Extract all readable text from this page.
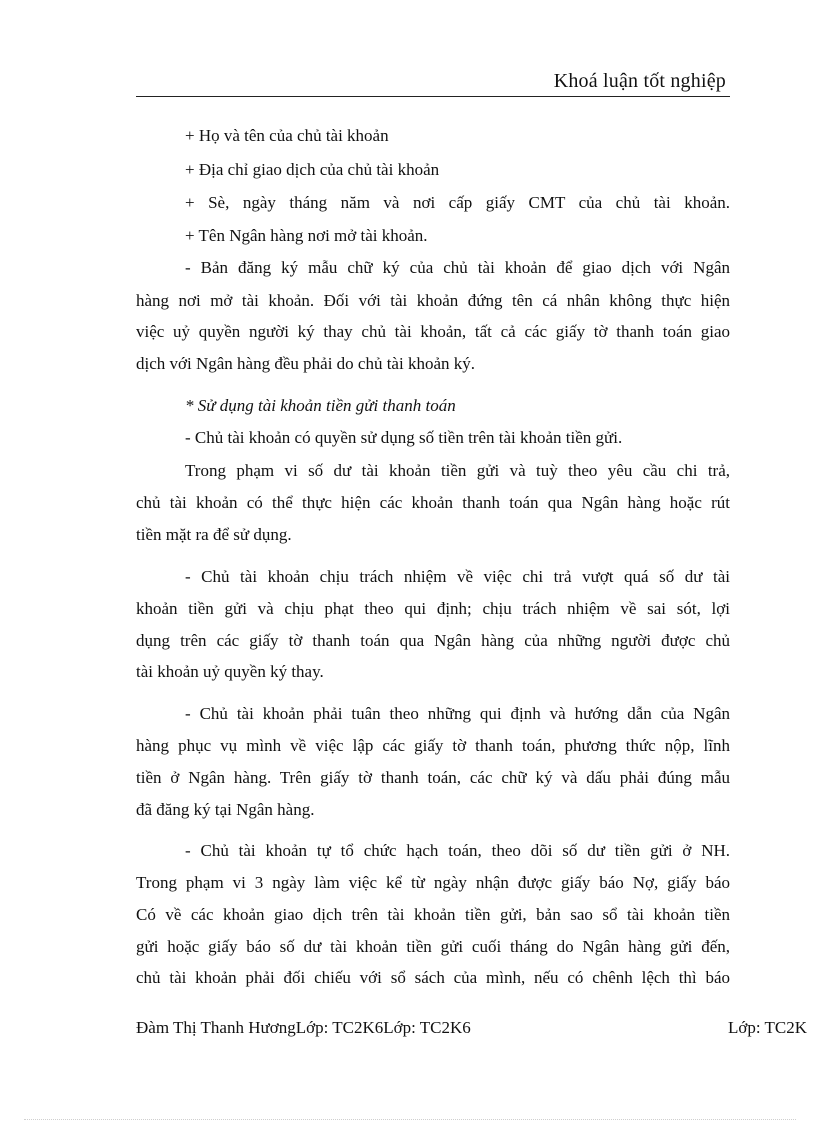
Khoá luận tốt nghiệp
+ Họ và tên của chủ tài khoản
+ Địa chỉ giao dịch của chủ tài khoản
+ Sè, ngày tháng năm và nơi cấp giấy CMT của chủ tài khoản.
+ Tên Ngân hàng nơi mở tài khoản.
- Bản đăng ký mẫu chữ ký của chủ tài khoản để giao dịch với Ngân
hàng nơi mở tài khoản. Đối với tài khoản đứng tên cá nhân không thực hiện
việc uỷ quyền người ký thay chủ tài khoản, tất cả các giấy tờ thanh toán giao
dịch với Ngân hàng đều phải do chủ tài khoản ký.
* Sử dụng tài khoản tiền gửi thanh toán
- Chủ tài khoản có quyền sử dụng số tiền trên tài khoản tiền gửi.
Trong phạm vi số dư tài khoản tiền gửi và tuỳ theo yêu cầu chi trả,
chủ tài khoản có thể thực hiện các khoản thanh toán qua Ngân hàng hoặc rút
tiền mặt ra để sử dụng.
- Chủ tài khoản chịu trách nhiệm về việc chi trả vượt quá số dư tài
khoản tiền gửi và chịu phạt theo qui định; chịu trách nhiệm về sai sót, lợi
dụng trên các giấy tờ thanh toán qua Ngân hàng của những người được chủ
tài khoản uỷ quyền ký thay.
- Chủ tài khoản phải tuân theo những qui định và hướng dẫn của Ngân
hàng phục vụ mình về việc lập các giấy tờ thanh toán, phương thức nộp, lĩnh
tiền ở Ngân hàng. Trên giấy tờ thanh toán, các chữ ký và dấu phải đúng mẫu
đã đăng ký tại Ngân hàng.
- Chủ tài khoản tự tổ chức hạch toán, theo dõi số dư tiền gửi ở NH.
Trong phạm vi 3 ngày làm việc kể từ ngày nhận được giấy báo Nợ, giấy báo
Có về các khoản giao dịch trên tài khoản tiền gửi, bản sao sổ tài khoản tiền
gửi hoặc giấy báo số dư tài khoản tiền gửi cuối tháng do Ngân hàng gửi đến,
chủ tài khoản phải đối chiếu với sổ sách của mình, nếu có chênh lệch thì báo
Đàm Thị Thanh HươngLớp: TC2K6Lớp: TC2K6	Lớp: TC2K
